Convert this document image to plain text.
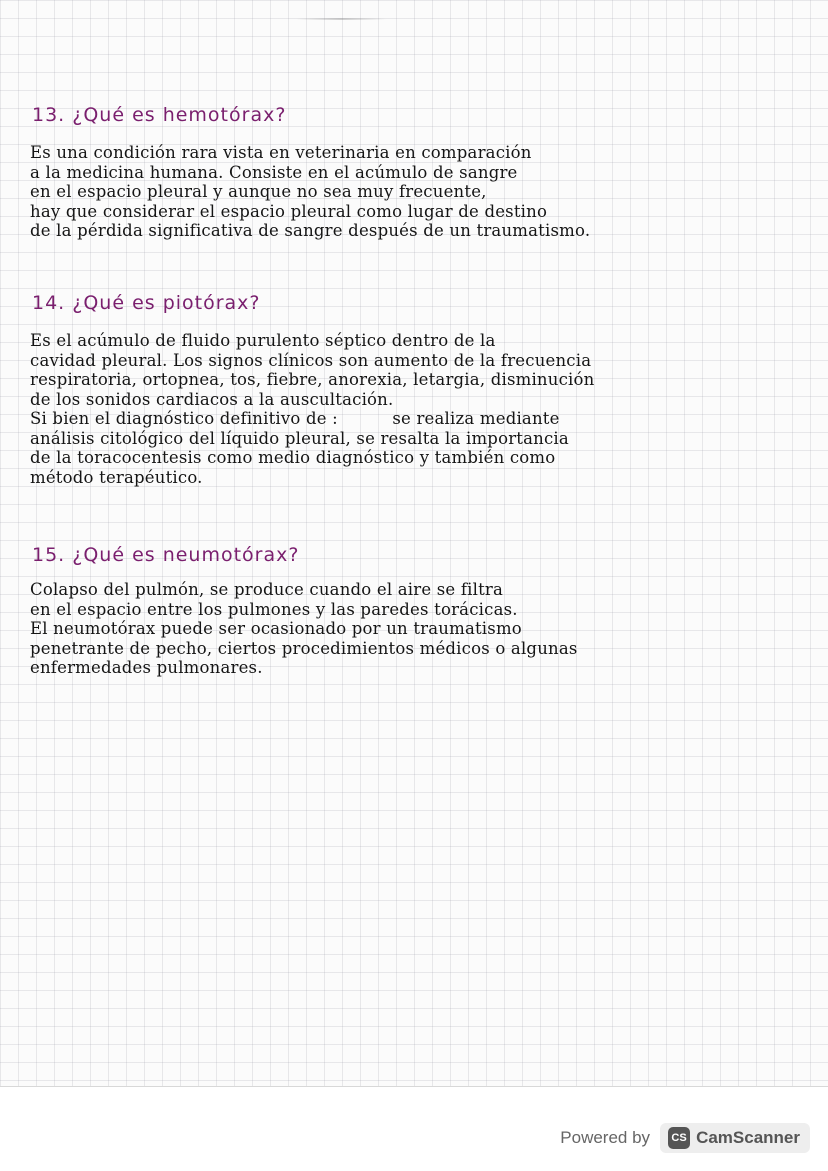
13. ¿Qué es hemotórax?

Es una condición rara vista en veterinaria en comparación

a la medicina humana. Consiste en el acúmulo de sangre

en el espacio pleural y aunque no sea muy frecuente,

hay que considerar el espacio pleural como lugar de destino

de la pérdida significativa de sangre después de un traumatismo.

14. ¿Qué es piotórax?

Es el acúmulo de fluido purulento séptico dentro de la

cavidad pleural. Los signos clínicos son aumento de la frecuencia

respiratoria, ortopnea, tos, fiebre, anorexia, letargia, disminución

de los sonidos cardiacos a la auscultación.

Si bien el diagnóstico definitivo de :          se realiza mediante

análisis citológico del líquido pleural, se resalta la importancia

de la toracocentesis como medio diagnóstico y también como

método terapéutico.

15. ¿Qué es neumotórax?

Colapso del pulmón, se produce cuando el aire se filtra

en el espacio entre los pulmones y las paredes torácicas.

El neumotórax puede ser ocasionado por un traumatismo

penetrante de pecho, ciertos procedimientos médicos o algunas

enfermedades pulmonares.

Powered by	CS CamScanner
